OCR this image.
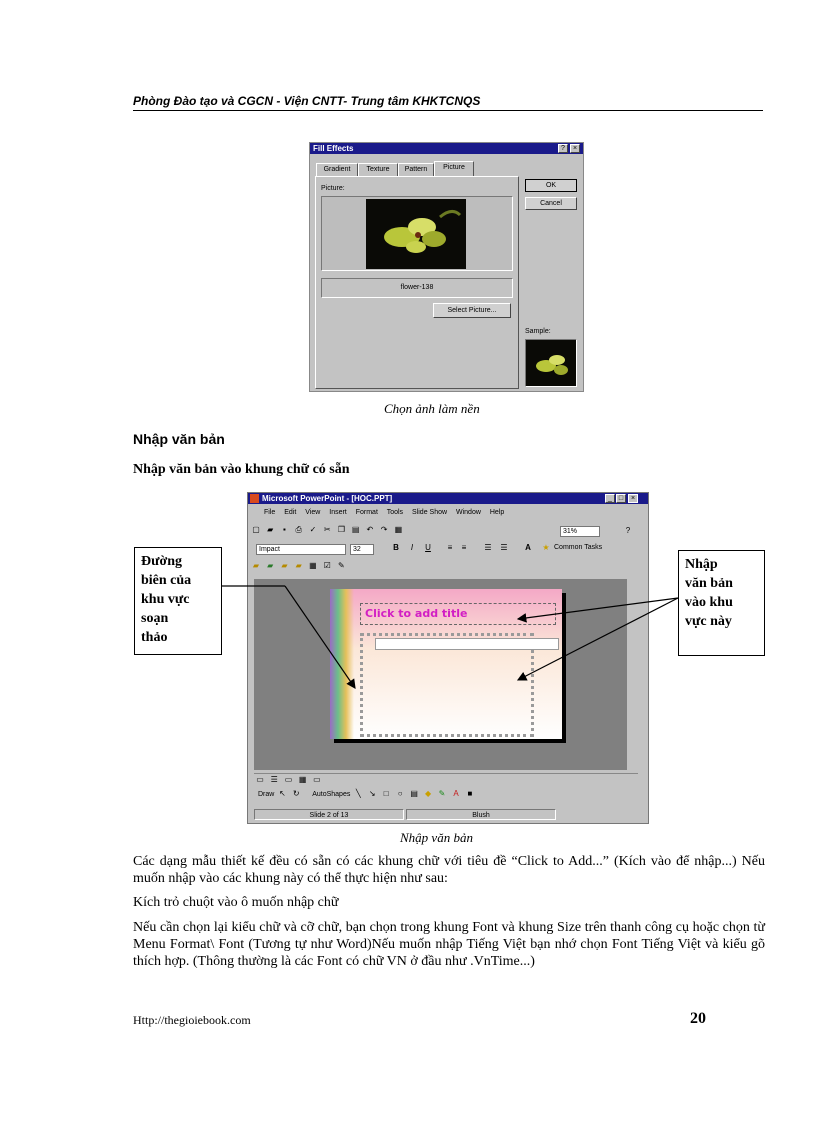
Phòng Đào tạo và CGCN - Viện CNTT- Trung tâm KHKTCNQS
Fill Effects	?	×
Gradient	Texture	Pattern	Picture
Picture:
flower-138
Select Picture...
OK
Cancel
Sample:
Chọn ảnh làm nền
Nhập văn bản
Nhập văn bản vào khung chữ có sẵn
Microsoft PowerPoint - [HOC.PPT]	_ □	×
File Edit View Insert Format Tools Slide Show Window Help
▢ ▰ ▪ ⎙ ✓ ✂ ❐ ▤ ↶ ↷ ▦	31%	?
Impact	32	B	I	U	≡	≡	☰ ☰ A ★ Common Tasks
▰ ▰ ▰ ▰ ▦ ☑ ✎
Click to add title
▭ ☰ ▭ ▦ ▭
Draw ↖ ↻ AutoShapes ╲ ↘ □ ○ ▤ ◆ ✎ A ■
Slide 2 of 13	Blush
Đường
biên của
khu vực
soạn
thảo
Nhập
văn bản
vào khu
vực này
Nhập văn bản
Các dạng mẫu thiết kế đều có sẵn có các khung chữ với tiêu đề “Click to Add...” (Kích vào để nhập...) Nếu muốn nhập vào các khung này có thể thực hiện như sau:
Kích trỏ chuột vào ô muốn nhập chữ
Nếu cần chọn lại kiểu chữ và cỡ chữ, bạn chọn trong khung Font và khung Size trên thanh công cụ hoặc chọn từ Menu Format\ Font (Tương tự như Word)Nếu muốn nhập Tiếng Việt bạn nhớ chọn Font Tiếng Việt và kiểu gõ thích hợp. (Thông thường là các Font có chữ VN ở đầu như .VnTime...)
Http://thegioiebook.com	20
